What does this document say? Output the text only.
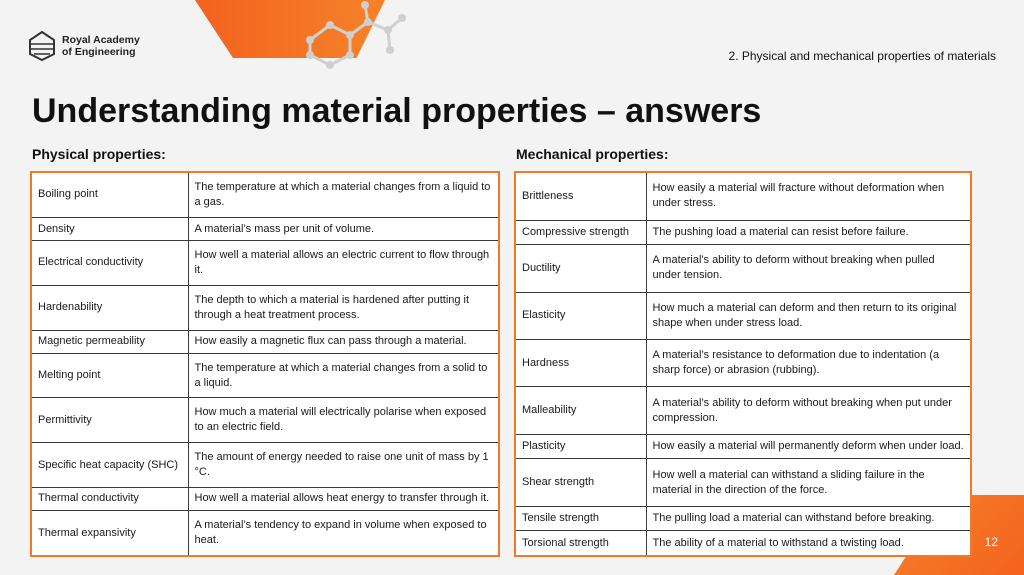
Royal Academy
of Engineering	2. Physical and mechanical properties of materials
Understanding material properties – answers
Physical properties:	Mechanical properties:
Boiling point	The temperature at which a material changes from a liquid to a gas.
Density	A material’s mass per unit of volume.
Electrical conductivity	How well a material allows an electric current to flow through it.
Hardenability	The depth to which a material is hardened after putting it through a heat treatment process.
Magnetic permeability	How easily a magnetic flux can pass through a material.
Melting point	The temperature at which a material changes from a solid to a liquid.
Permittivity	How much a material will electrically polarise when exposed to an electric field.
Specific heat capacity (SHC)	The amount of energy needed to raise one unit of mass by 1 °C.
Thermal conductivity	How well a material allows heat energy to transfer through it.
Thermal expansivity	A material’s tendency to expand in volume when exposed to heat.
Brittleness	How easily a material will fracture without deformation when under stress.
Compressive strength	The pushing load a material can resist before failure.
Ductility	A material's ability to deform without breaking when pulled under tension.
Elasticity	How much a material can deform and then return to its original shape when under stress load.
Hardness	A material’s resistance to deformation due to indentation (a sharp force) or abrasion (rubbing).
Malleability	A material’s ability to deform without breaking when put under compression.
Plasticity	How easily a material will permanently deform when under load.
Shear strength	How well a material can withstand a sliding failure in the material in the direction of the force.
Tensile strength	The pulling load a material can withstand before breaking.
Torsional strength	The ability of a material to withstand a twisting load.	12
